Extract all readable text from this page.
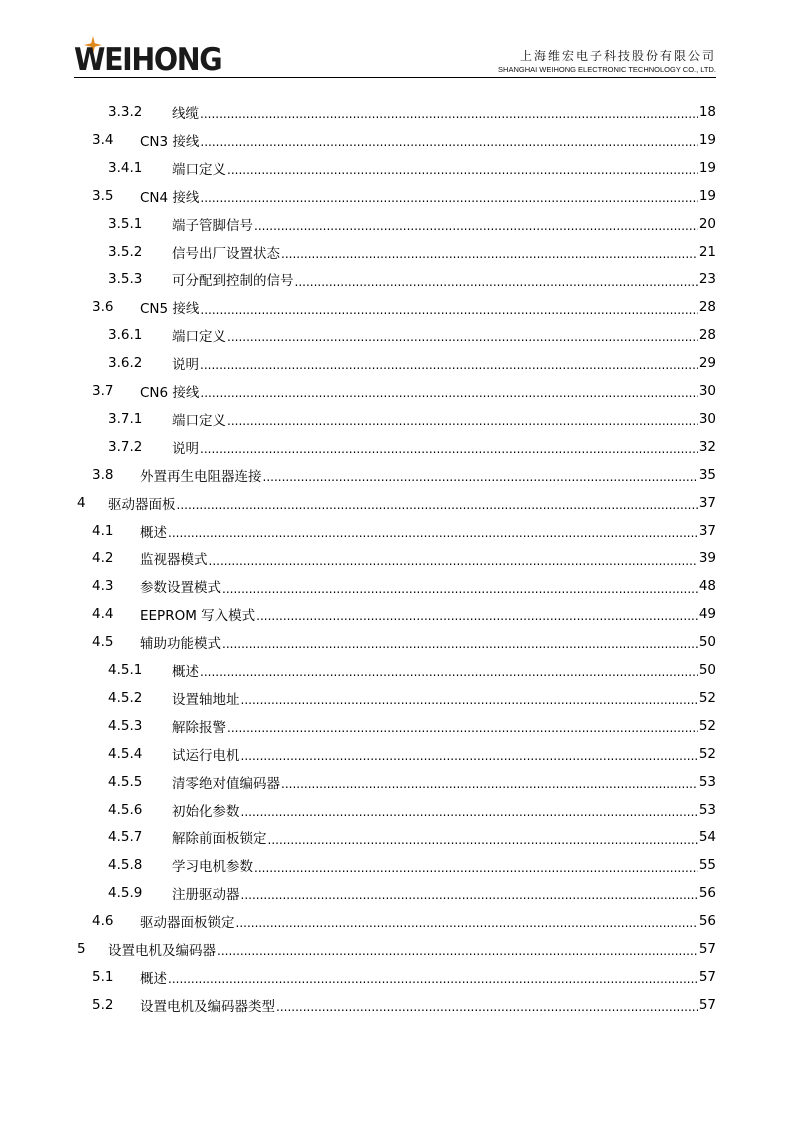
WEIHONG	上海维宏电子科技股份有限公司
SHANGHAI WEIHONG ELECTRONIC TECHNOLOGY CO., LTD.
3.3.2 线缆 .....	18
3.4 CN3 接线 .....	19
3.4.1 端口定义 .....	19
3.5 CN4 接线 .....	19
3.5.1 端子管脚信号 .....	20
3.5.2 信号出厂设置状态 .....	21
3.5.3 可分配到控制的信号 .....	23
3.6 CN5 接线 .....	28
3.6.1 端口定义 .....	28
3.6.2 说明 .....	29
3.7 CN6 接线 .....	30
3.7.1 端口定义 .....	30
3.7.2 说明 .....	32
3.8 外置再生电阻器连接 .....	35
4 驱动器面板 .....	37
4.1 概述 .....	37
4.2 监视器模式 .....	39
4.3 参数设置模式 .....	48
4.4 EEPROM 写入模式 .....	49
4.5 辅助功能模式 .....	50
4.5.1 概述 .....	50
4.5.2 设置轴地址 .....	52
4.5.3 解除报警 .....	52
4.5.4 试运行电机 .....	52
4.5.5 清零绝对值编码器 .....	53
4.5.6 初始化参数 .....	53
4.5.7 解除前面板锁定 .....	54
4.5.8 学习电机参数 .....	55
4.5.9 注册驱动器 .....	56
4.6 驱动器面板锁定 .....	56
5 设置电机及编码器 .....	57
5.1 概述 .....	57
5.2 设置电机及编码器类型 .....	57
